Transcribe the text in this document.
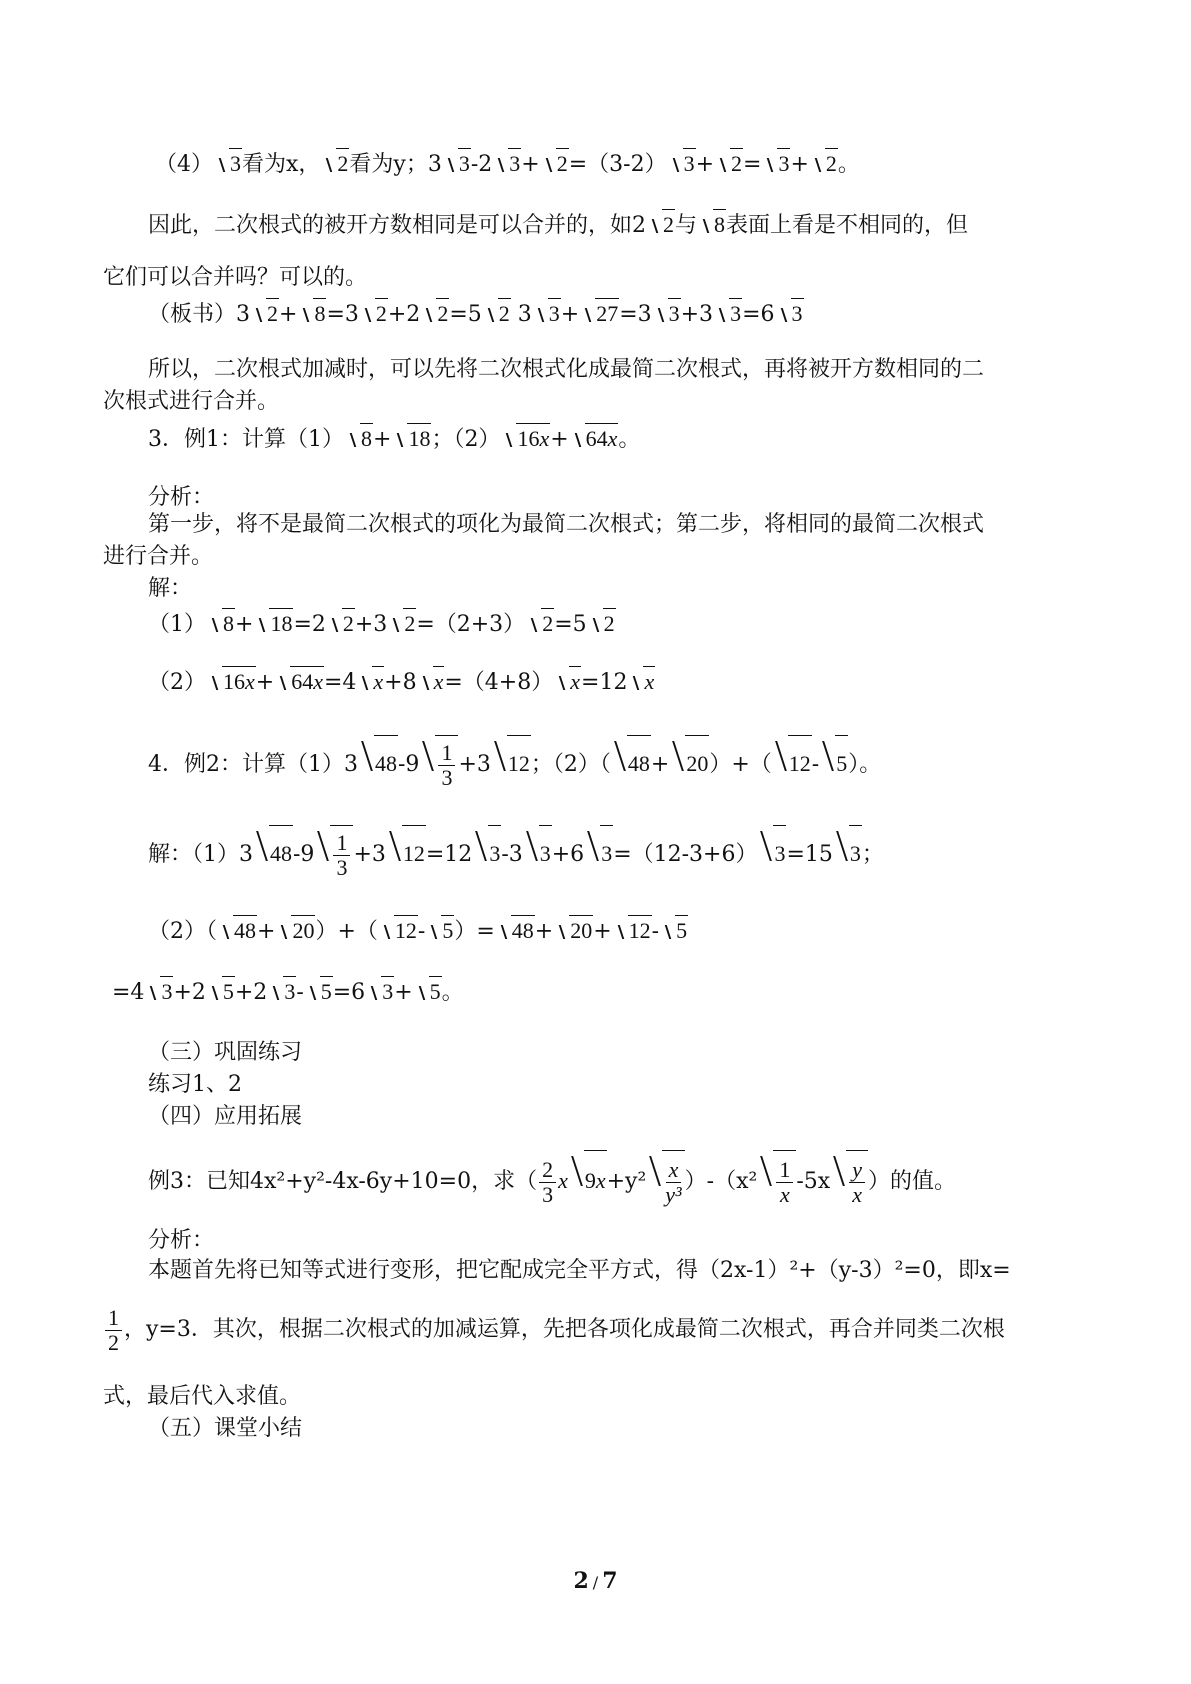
（4） 3看为x， 2看为y；3 3-2 3+ 2=（3-2） 3+ 2= 3+ 2。
因此，二次根式的被开方数相同是可以合并的，如2 2与 8表面上看是不相同的，但
它们可以合并吗？可以的。
（板书）3 2+ 8=3 2+2 2=5 2 3 3+ 27=3 3+3 3=6 3
所以，二次根式加减时，可以先将二次根式化成最简二次根式，再将被开方数相同的二
次根式进行合并。
3．例1：计算（1） 8+ 18；（2） 16x+ 64x。
分析：
第一步，将不是最简二次根式的项化为最简二次根式；第二步，将相同的最简二次根式
进行合并。
解：
（1） 8+ 18=2 2+3 2=（2+3） 2=5 2
（2） 16x+ 64x=4 x+8 x=（4+8） x=12 x
4．例2：计算（1）3 $48-9 \frac{1}{3} +3$ 12；（2）（ 48+ 20）+（ 12- 5）。
解：（1）3 $48-9 \frac{1}{3} +3$ 12=12 3-3 3+6 3=（12-3+6） 3=15 3；
（2）（ 48+ 20）+（ 12- 5）= 48+ 20+ 12- 5
=4 3+2 5+2 3- 5=6 3+ 5。
（三）巩固练习
练习1、2
（四）应用拓展
例3：已知4x²+y²-4x-6y+10=0，求（ $\frac{2}{3}$ x $9x+y^2 \frac{x}{\text{y³}} )-(x^2 \frac{1}{x} -5x \frac{y}{x}$ ）的值。
分析：
本题首先将已知等式进行变形，把它配成完全平方式，得（2x-1）²+（y-3）²=0，即x=
$\frac{1}{2}$ ，y=3．其次，根据二次根式的加减运算，先把各项化成最简二次根式，再合并同类二次根
式，最后代入求值。
（五）课堂小结
2 / 7
